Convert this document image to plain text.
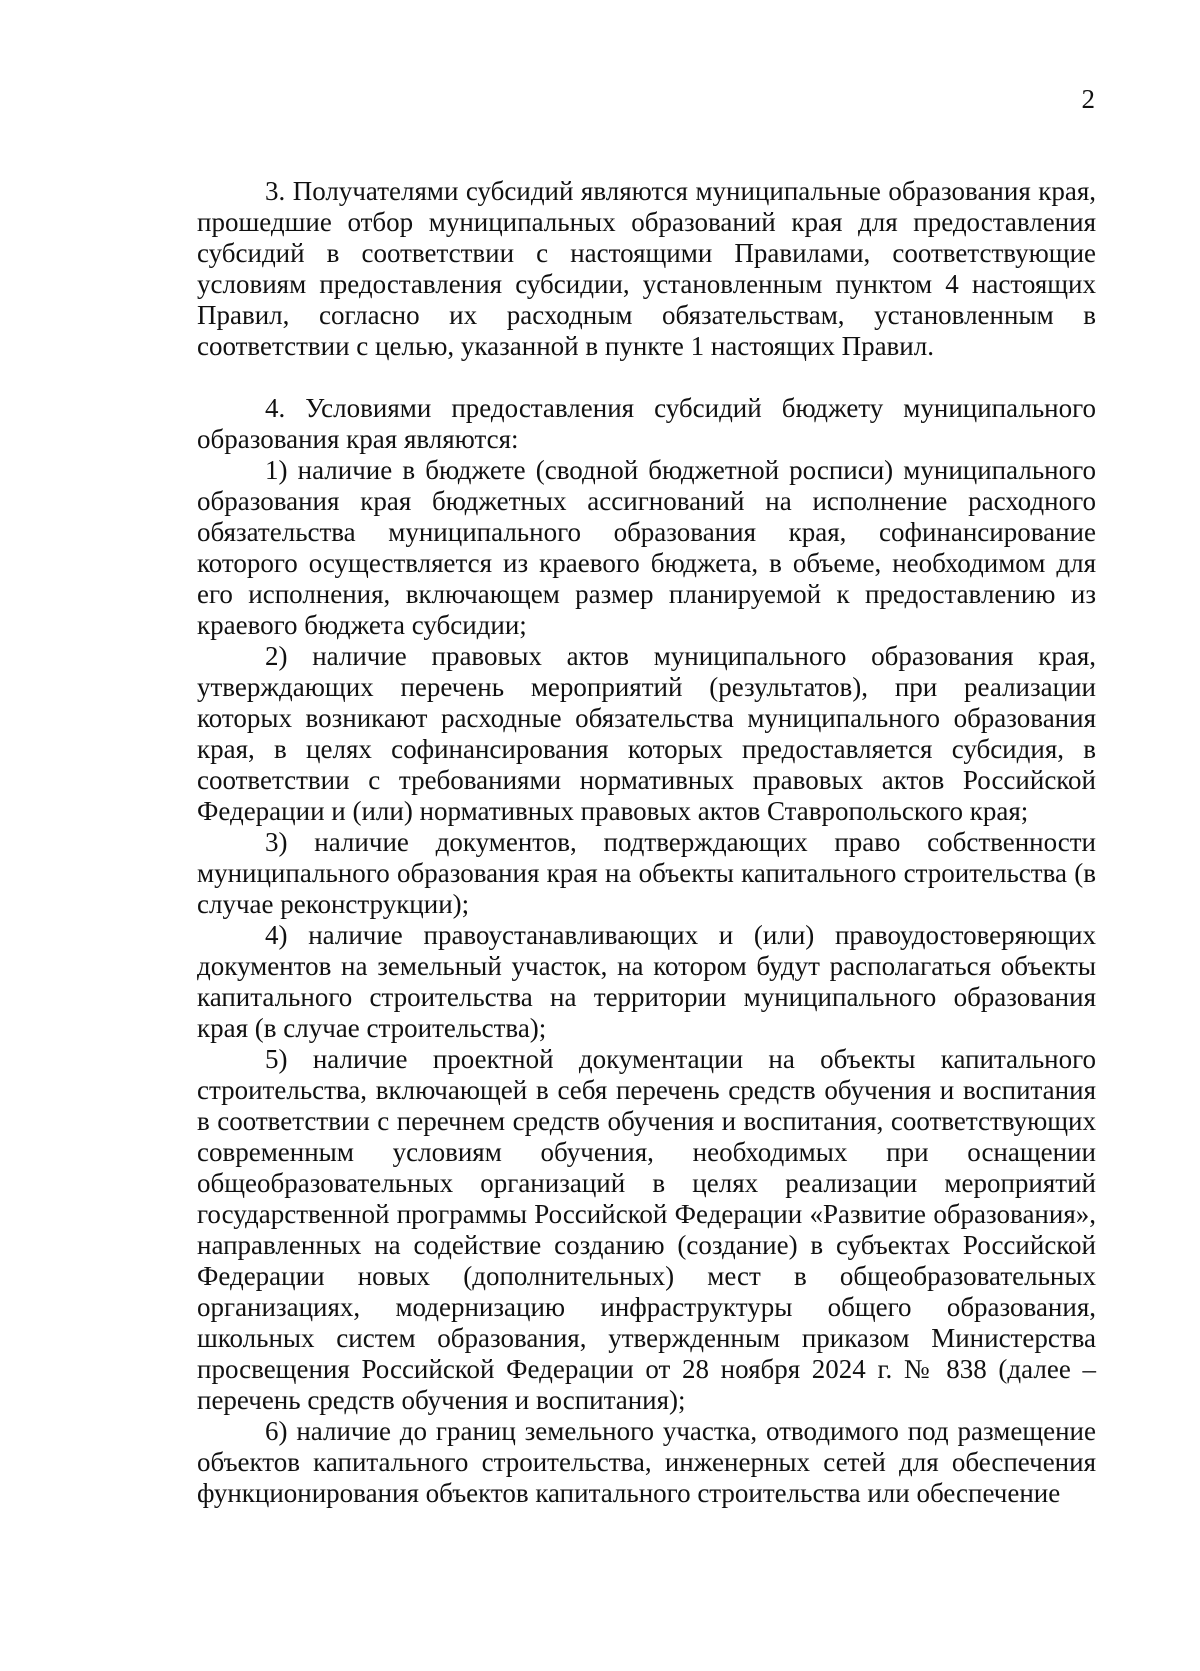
2

3. Получателями субсидий являются муниципальные образования края, прошедшие отбор муниципальных образований края для предоставления субсидий в соответствии с настоящими Правилами, соответствующие условиям предоставления субсидии, установленным пунктом 4 настоящих Правил, согласно их расходным обязательствам, установленным в соответствии с целью, указанной в пункте 1 настоящих Правил.

4. Условиями предоставления субсидий бюджету муниципального образования края являются:

1) наличие в бюджете (сводной бюджетной росписи) муниципального образования края бюджетных ассигнований на исполнение расходного обязательства муниципального образования края, софинансирование которого осуществляется из краевого бюджета, в объеме, необходимом для его исполнения, включающем размер планируемой к предоставлению из краевого бюджета субсидии;

2) наличие правовых актов муниципального образования края, утверждающих перечень мероприятий (результатов), при реализации которых возникают расходные обязательства муниципального образования края, в целях софинансирования которых предоставляется субсидия, в соответствии с требованиями нормативных правовых актов Российской Федерации и (или) нормативных правовых актов Ставропольского края;

3) наличие документов, подтверждающих право собственности муниципального образования края на объекты капитального строительства (в случае реконструкции);

4) наличие правоустанавливающих и (или) правоудостоверяющих документов на земельный участок, на котором будут располагаться объекты капитального строительства на территории муниципального образования края (в случае строительства);

5) наличие проектной документации на объекты капитального строительства, включающей в себя перечень средств обучения и воспитания в соответствии с перечнем средств обучения и воспитания, соответствующих современным условиям обучения, необходимых при оснащении общеобразовательных организаций в целях реализации мероприятий государственной программы Российской Федерации «Развитие образования», направленных на содействие созданию (создание) в субъектах Российской Федерации новых (дополнительных) мест в общеобразовательных организациях, модернизацию инфраструктуры общего образования, школьных систем образования, утвержденным приказом Министерства просвещения Российской Федерации от 28 ноября 2024 г. № 838 (далее – перечень средств обучения и воспитания);

6) наличие до границ земельного участка, отводимого под размещение объектов капитального строительства, инженерных сетей для обеспечения функционирования объектов капитального строительства или обеспечение
